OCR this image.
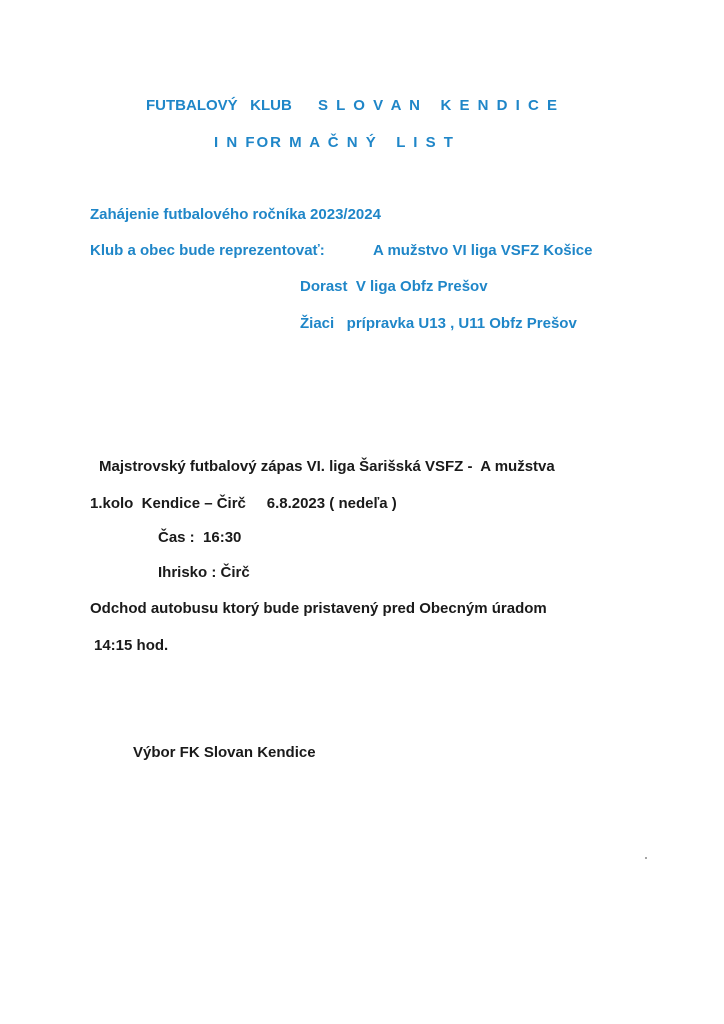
FUTBALOVÝ   KLUB S L O V A N   K E N D I C E
I N FOR M A Č N Ý   L I S T
Zahájenie futbalového ročníka 2023/2024
Klub a obec bude reprezentovať:	A mužstvo VI liga VSFZ Košice
Dorast  V liga Obfz Prešov
Žiaci   prípravka U13 , U11 Obfz Prešov
Majstrovský futbalový zápas VI. liga Šarišská VSFZ -  A mužstva
1.kolo  Kendice – Čirč     6.8.2023 ( nedeľa )
Čas :  16:30
Ihrisko : Čirč
Odchod autobusu ktorý bude pristavený pred Obecným úradom
14:15 hod.
Výbor FK Slovan Kendice
